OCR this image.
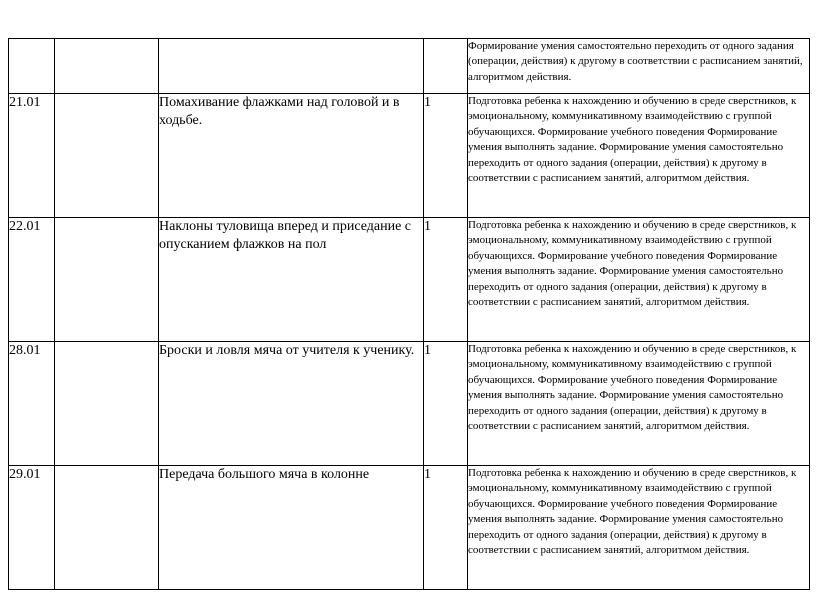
				Формирование умения самостоятельно переходить от одного задания (операции, действия) к другому в соответствии с расписанием занятий, алгоритмом действия.
21.01		Помахивание флажками над головой и в ходьбе.	1	Подготовка ребенка к нахождению и обучению в среде сверстников, к эмоциональному, коммуникативному взаимодействию с группой обучающихся. Формирование учебного поведения Формирование умения выполнять задание. Формирование умения самостоятельно переходить от одного задания (операции, действия) к другому в соответствии с расписанием занятий, алгоритмом действия.
22.01		Наклоны туловища вперед и приседание с опусканием флажков на пол	1	Подготовка ребенка к нахождению и обучению в среде сверстников, к эмоциональному, коммуникативному взаимодействию с группой обучающихся. Формирование учебного поведения Формирование умения выполнять задание. Формирование умения самостоятельно переходить от одного задания (операции, действия) к другому в соответствии с расписанием занятий, алгоритмом действия.
28.01		Броски и ловля мяча от учителя к ученику.	1	Подготовка ребенка к нахождению и обучению в среде сверстников, к эмоциональному, коммуникативному взаимодействию с группой обучающихся. Формирование учебного поведения Формирование умения выполнять задание. Формирование умения самостоятельно переходить от одного задания (операции, действия) к другому в соответствии с расписанием занятий, алгоритмом действия.
29.01		Передача большого мяча в колонне	1	Подготовка ребенка к нахождению и обучению в среде сверстников, к эмоциональному, коммуникативному взаимодействию с группой обучающихся. Формирование учебного поведения Формирование умения выполнять задание. Формирование умения самостоятельно переходить от одного задания (операции, действия) к другому в соответствии с расписанием занятий, алгоритмом действия.
